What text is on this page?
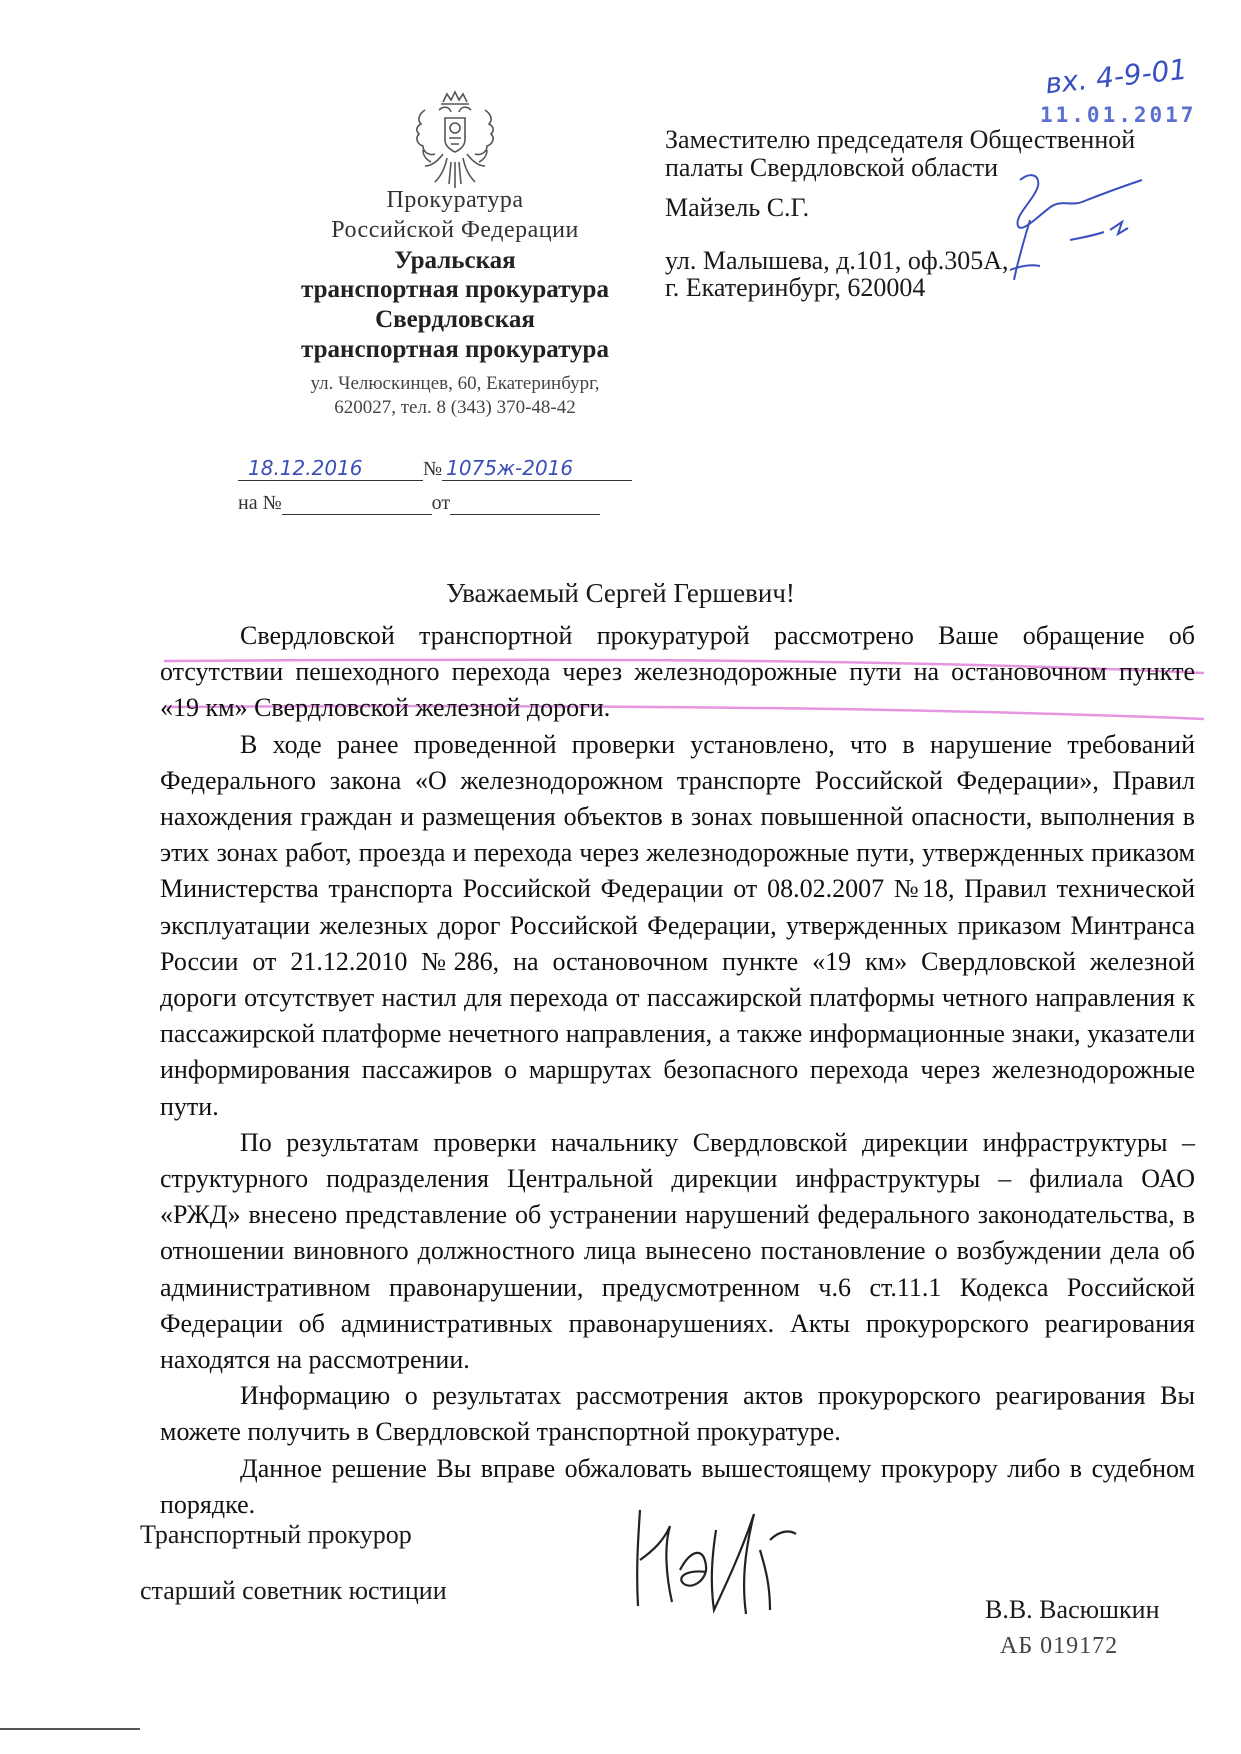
Прокуратура
Российской Федерации
Уральская
транспортная прокуратура
Свердловская
транспортная прокуратура
ул. Челюскинцев, 60, Екатеринбург,
620027, тел. 8 (343) 370-48-42
18.12.2016	№ 1075ж-2016
на №	от
Заместителю председателя Общественной
палаты Свердловской области
Майзель С.Г.
ул. Малышева, д.101, оф.305А,
г. Екатеринбург, 620004
вх. 4-9-01
11.01.2017
Уважаемый Сергей Гершевич!

Свердловской транспортной прокуратурой рассмотрено Ваше обращение об отсутствии пешеходного перехода через железнодорожные пути на остановочном пункте «19 км» Свердловской железной дороги.

В ходе ранее проведенной проверки установлено, что в нарушение требований Федерального закона «О железнодорожном транспорте Российской Федерации», Правил нахождения граждан и размещения объектов в зонах повышенной опасности, выполнения в этих зонах работ, проезда и перехода через железнодорожные пути, утвержденных приказом Министерства транспорта Российской Федерации от 08.02.2007 №18, Правил технической эксплуатации железных дорог Российской Федерации, утвержденных приказом Минтранса России от 21.12.2010 №286, на остановочном пункте «19 км» Свердловской железной дороги отсутствует настил для перехода от пассажирской платформы четного направления к пассажирской платформе нечетного направления, а также информационные знаки, указатели информирования пассажиров о маршрутах безопасного перехода через железнодорожные пути.

По результатам проверки начальнику Свердловской дирекции инфраструктуры – структурного подразделения Центральной дирекции инфраструктуры – филиала ОАО «РЖД» внесено представление об устранении нарушений федерального законодательства, в отношении виновного должностного лица вынесено постановление о возбуждении дела об административном правонарушении, предусмотренном ч.6 ст.11.1 Кодекса Российской Федерации об административных правонарушениях. Акты прокурорского реагирования находятся на рассмотрении.

Информацию о результатах рассмотрения актов прокурорского реагирования Вы можете получить в Свердловской транспортной прокуратуре.

Данное решение Вы вправе обжаловать вышестоящему прокурору либо в судебном порядке.

Транспортный прокурор
старший советник юстиции
В.В. Васюшкин
АБ 019172
